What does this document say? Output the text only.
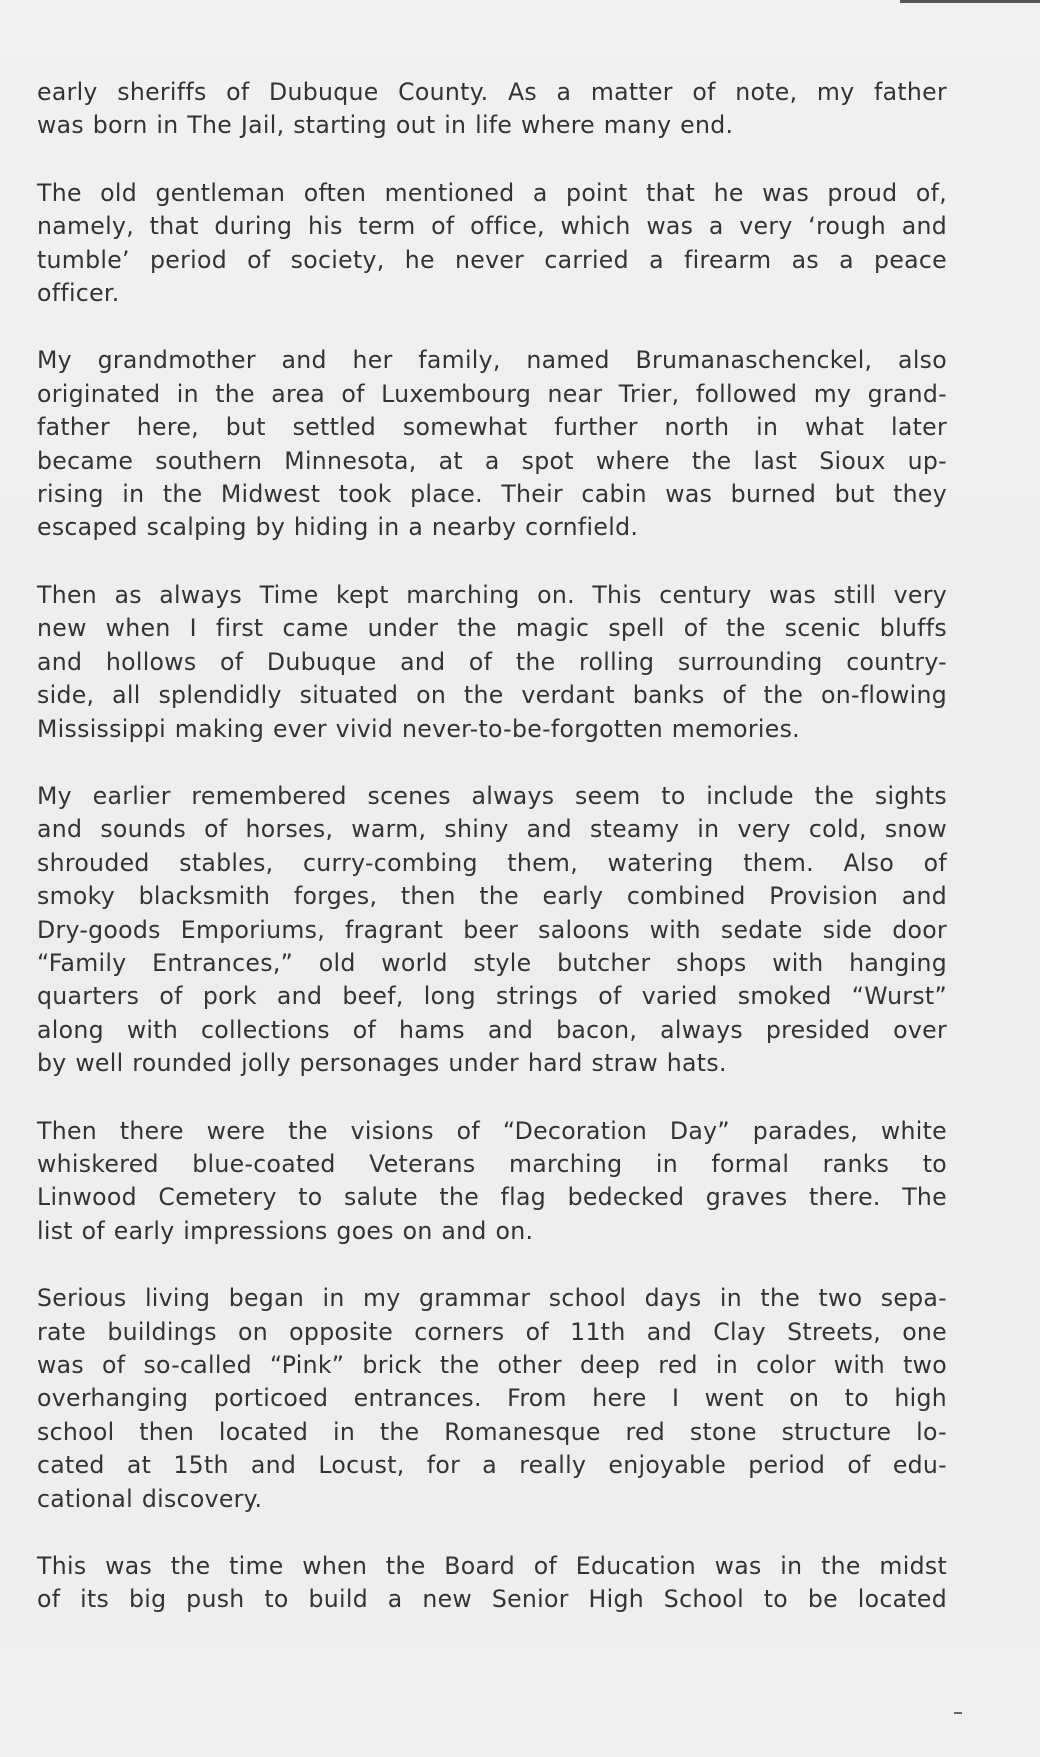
early sheriffs of Dubuque County. As a matter of note, my father
was born in The Jail, starting out in life where many end.

The old gentleman often mentioned a point that he was proud of,
namely, that during his term of office, which was a very ‘rough and
tumble’ period of society, he never carried a firearm as a peace
officer.

My grandmother and her family, named Brumanaschenckel, also
originated in the area of Luxembourg near Trier, followed my grand-
father here, but settled somewhat further north in what later
became southern Minnesota, at a spot where the last Sioux up-
rising in the Midwest took place. Their cabin was burned but they
escaped scalping by hiding in a nearby cornfield.

Then as always Time kept marching on. This century was still very
new when I first came under the magic spell of the scenic bluffs
and hollows of Dubuque and of the rolling surrounding country-
side, all splendidly situated on the verdant banks of the on-flowing
Mississippi making ever vivid never-to-be-forgotten memories.

My earlier remembered scenes always seem to include the sights
and sounds of horses, warm, shiny and steamy in very cold, snow
shrouded stables, curry-combing them, watering them. Also of
smoky blacksmith forges, then the early combined Provision and
Dry-goods Emporiums, fragrant beer saloons with sedate side door
“Family Entrances,” old world style butcher shops with hanging
quarters of pork and beef, long strings of varied smoked “Wurst”
along with collections of hams and bacon, always presided over
by well rounded jolly personages under hard straw hats.

Then there were the visions of “Decoration Day” parades, white
whiskered blue-coated Veterans marching in formal ranks to
Linwood Cemetery to salute the flag bedecked graves there. The
list of early impressions goes on and on.

Serious living began in my grammar school days in the two sepa-
rate buildings on opposite corners of 11th and Clay Streets, one
was of so-called “Pink” brick the other deep red in color with two
overhanging porticoed entrances. From here I went on to high
school then located in the Romanesque red stone structure lo-
cated at 15th and Locust, for a really enjoyable period of edu-
cational discovery.

This was the time when the Board of Education was in the midst
of its big push to build a new Senior High School to be located
